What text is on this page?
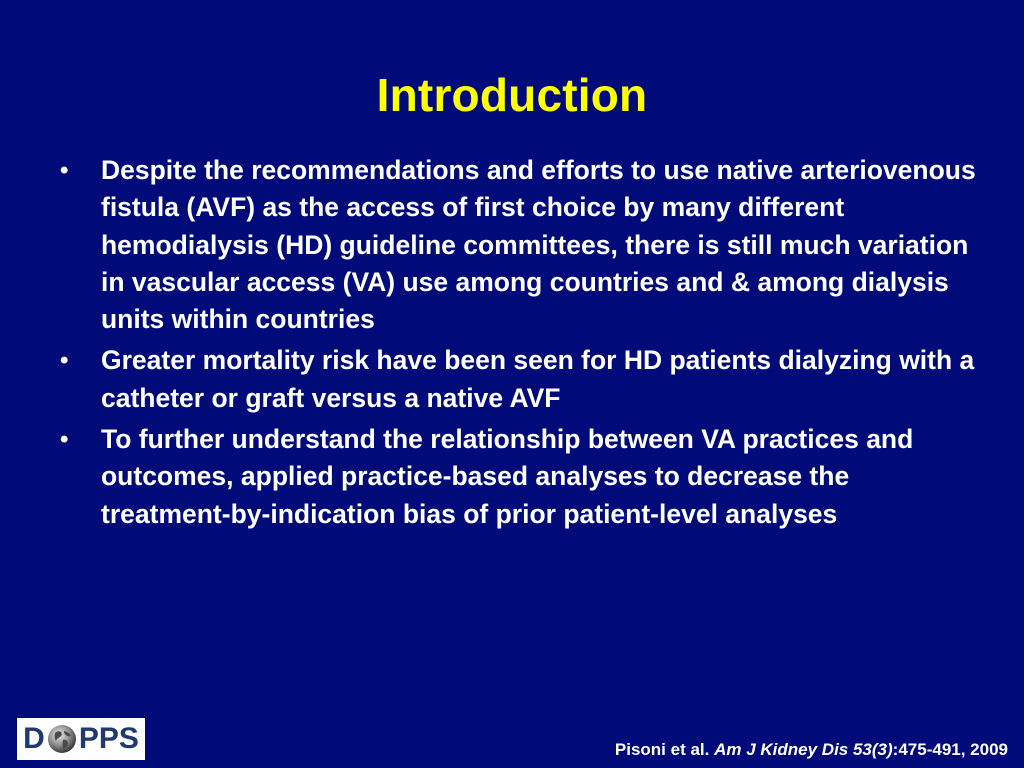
Introduction
•	Despite the recommendations and efforts to use native arteriovenous fistula (AVF) as the access of first choice by many different hemodialysis (HD) guideline committees, there is still much variation in vascular access (VA) use among countries and & among dialysis units within countries
•	Greater mortality risk have been seen for HD patients dialyzing with a catheter or graft versus a native AVF
•	To further understand the relationship between VA practices and outcomes, applied practice-based analyses to decrease the treatment-by-indication bias of prior patient-level analyses
D PPS	Pisoni et al. Am J Kidney Dis 53(3):475-491, 2009
